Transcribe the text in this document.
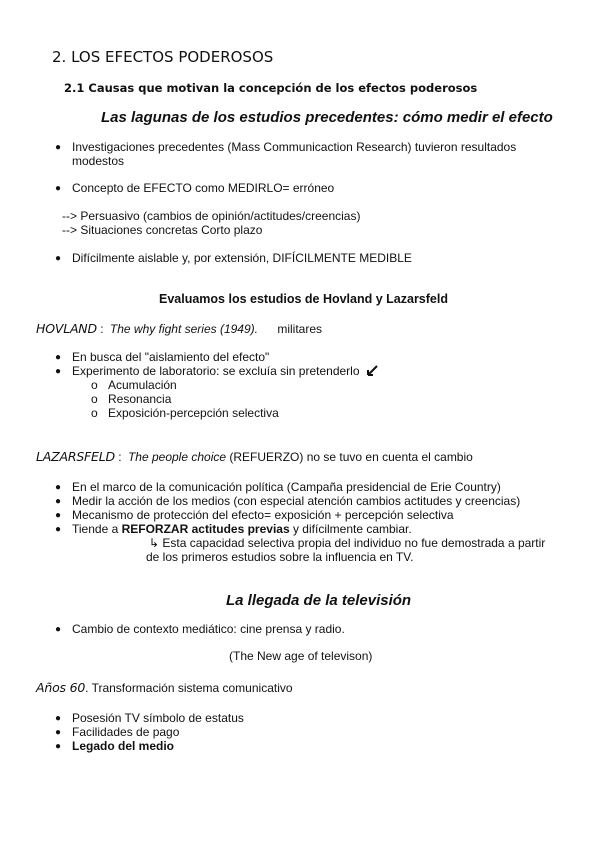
2. LOS EFECTOS PODEROSOS
2.1 Causas que motivan la concepción de los efectos poderosos
Las lagunas de los estudios precedentes: cómo medir el efecto
● Investigaciones precedentes (Mass Communicaction Research) tuvieron resultados
modestos
● Concepto de EFECTO como MEDIRLO= erróneo
--> Persuasivo (cambios de opinión/actitudes/creencias)
--> Situaciones concretas Corto plazo
● Difícilmente aislable y, por extensión, DIFÍCILMENTE MEDIBLE
Evaluamos los estudios de Hovland y Lazarsfeld
HOVLAND : The why fight series (1949). militares
● En busca del "aislamiento del efecto"
● Experimento de laboratorio: se excluía sin pretenderlo
o Acumulación
o Resonancia
o Exposición-percepción selectiva
LAZARSFELD : The people choice (REFUERZO) no se tuvo en cuenta el cambio
● En el marco de la comunicación política (Campaña presidencial de Erie Country)
● Medir la acción de los medios (con especial atención cambios actitudes y creencias)
● Mecanismo de protección del efecto= exposición + percepción selectiva
● Tiende a REFORZAR actitudes previas y difícilmente cambiar.
↳ Esta capacidad selectiva propia del individuo no fue demostrada a partir
de los primeros estudios sobre la influencia en TV.
La llegada de la televisión
● Cambio de contexto mediático: cine prensa y radio.
(The New age of televison)
Años 60. Transformación sistema comunicativo
● Posesión TV símbolo de estatus
● Facilidades de pago
● Legado del medio
